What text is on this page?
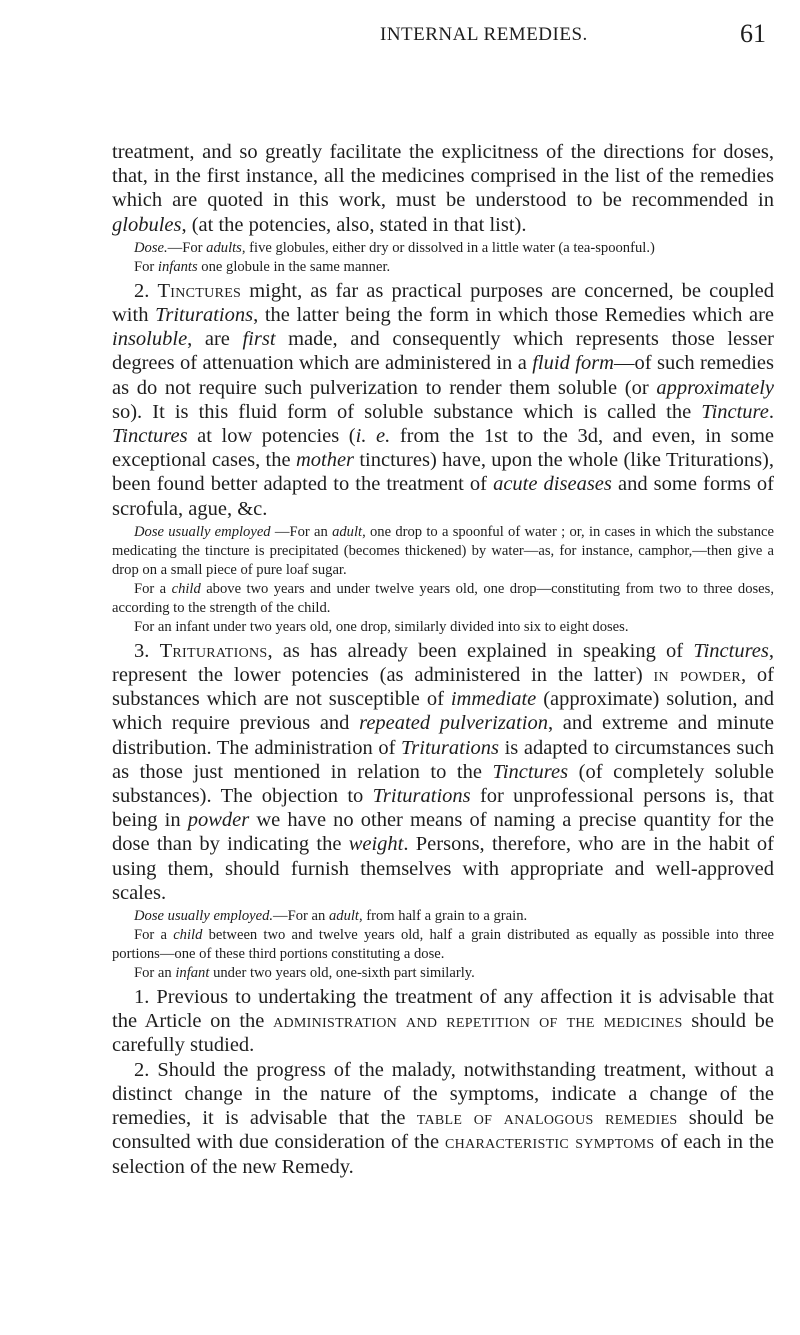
INTERNAL REMEDIES.	61

treatment, and so greatly facilitate the explicitness of the directions for doses, that, in the first instance, all the medicines comprised in the list of the remedies which are quoted in this work, must be understood to be recommended in globules, (at the potencies, also, stated in that list).

Dose.—For adults, five globules, either dry or dissolved in a little water (a tea-spoonful.)

For infants one globule in the same manner.

2. Tinctures might, as far as practical purposes are concerned, be coupled with Triturations, the latter being the form in which those Remedies which are insoluble, are first made, and consequently which represents those lesser degrees of attenuation which are administered in a fluid form—of such remedies as do not require such pulverization to render them soluble (or approximately so). It is this fluid form of soluble substance which is called the Tincture. Tinctures at low potencies (i. e. from the 1st to the 3d, and even, in some exceptional cases, the mother tinctures) have, upon the whole (like Triturations), been found better adapted to the treatment of acute diseases and some forms of scrofula, ague, &c.

Dose usually employed —For an adult, one drop to a spoonful of water ; or, in cases in which the substance medicating the tincture is precipitated (becomes thickened) by water—as, for instance, camphor,—then give a drop on a small piece of pure loaf sugar.

For a child above two years and under twelve years old, one drop—constituting from two to three doses, according to the strength of the child.

For an infant under two years old, one drop, similarly divided into six to eight doses.

3. Triturations, as has already been explained in speaking of Tinctures, represent the lower potencies (as administered in the latter) in powder, of substances which are not susceptible of immediate (approximate) solution, and which require previous and repeated pulverization, and extreme and minute distribution. The administration of Triturations is adapted to circumstances such as those just mentioned in relation to the Tinctures (of completely soluble substances). The objection to Triturations for unprofessional persons is, that being in powder we have no other means of naming a precise quantity for the dose than by indicating the weight. Persons, therefore, who are in the habit of using them, should furnish themselves with appropriate and well-approved scales.

Dose usually employed.—For an adult, from half a grain to a grain.

For a child between two and twelve years old, half a grain distributed as equally as possible into three portions—one of these third portions constituting a dose.

For an infant under two years old, one-sixth part similarly.

1. Previous to undertaking the treatment of any affection it is advisable that the Article on the administration and repetition of the medicines should be carefully studied.

2. Should the progress of the malady, notwithstanding treatment, without a distinct change in the nature of the symptoms, indicate a change of the remedies, it is advisable that the table of analogous remedies should be consulted with due consideration of the characteristic symptoms of each in the selection of the new Remedy.
